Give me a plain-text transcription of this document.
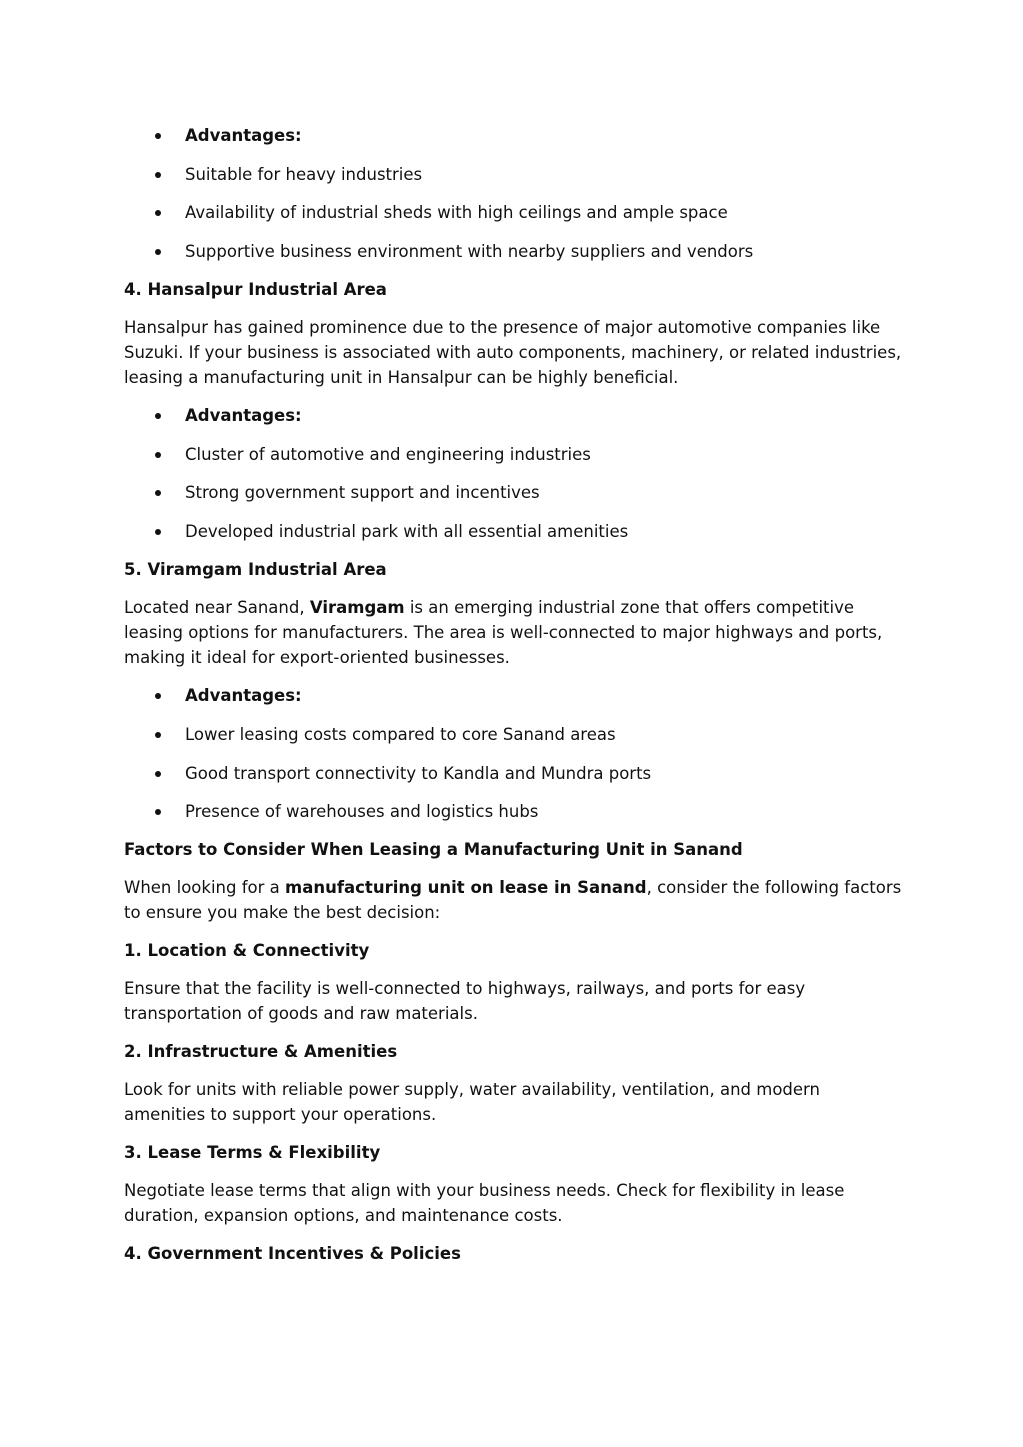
Advantages:
Suitable for heavy industries
Availability of industrial sheds with high ceilings and ample space
Supportive business environment with nearby suppliers and vendors
4. Hansalpur Industrial Area

Hansalpur has gained prominence due to the presence of major automotive companies like Suzuki. If your business is associated with auto components, machinery, or related industries, leasing a manufacturing unit in Hansalpur can be highly beneficial.

Advantages:
Cluster of automotive and engineering industries
Strong government support and incentives
Developed industrial park with all essential amenities
5. Viramgam Industrial Area

Located near Sanand, Viramgam is an emerging industrial zone that offers competitive leasing options for manufacturers. The area is well-connected to major highways and ports, making it ideal for export-oriented businesses.

Advantages:
Lower leasing costs compared to core Sanand areas
Good transport connectivity to Kandla and Mundra ports
Presence of warehouses and logistics hubs
Factors to Consider When Leasing a Manufacturing Unit in Sanand

When looking for a manufacturing unit on lease in Sanand, consider the following factors to ensure you make the best decision:

1. Location & Connectivity

Ensure that the facility is well-connected to highways, railways, and ports for easy transportation of goods and raw materials.

2. Infrastructure & Amenities

Look for units with reliable power supply, water availability, ventilation, and modern amenities to support your operations.

3. Lease Terms & Flexibility

Negotiate lease terms that align with your business needs. Check for flexibility in lease duration, expansion options, and maintenance costs.

4. Government Incentives & Policies
